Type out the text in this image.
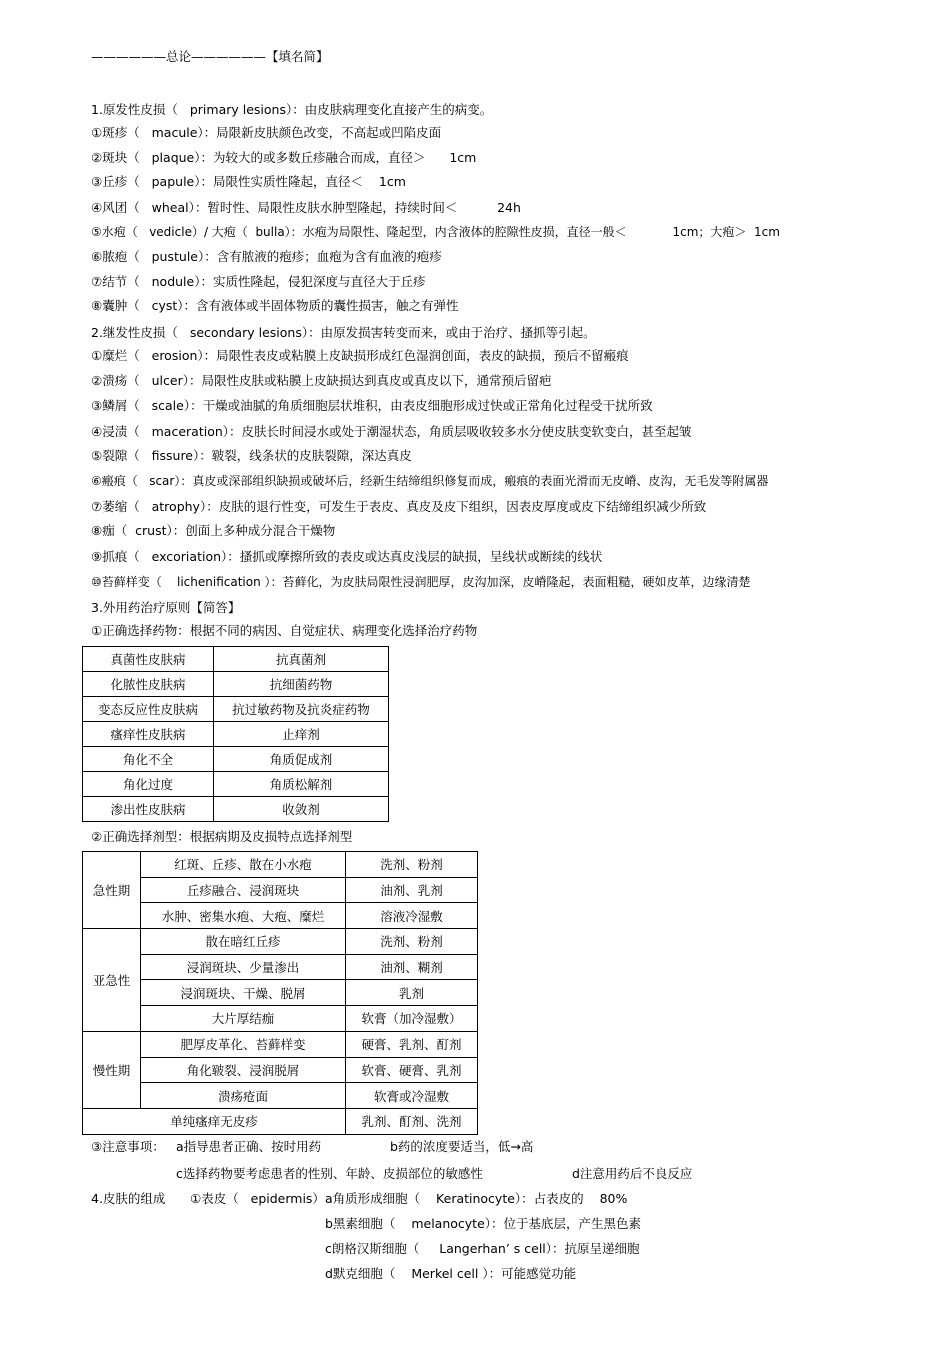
——————总论——————【填名简】
1.原发性皮损（   primary lesions）：由皮肤病理变化直接产生的病变。
①斑疹（   macule）：局限新皮肤颜色改变，不高起或凹陷皮面
②斑块（   plaque）：为较大的或多数丘疹融合而成，直径＞      1cm
③丘疹（   papule）：局限性实质性隆起，直径＜    1cm
④风团（   wheal）：暂时性、局限性皮肤水肿型隆起，持续时间＜          24h
⑤水疱（   vedicle）/ 大疱（  bulla）：水疱为局限性、隆起型，内含液体的腔隙性皮损，直径一般＜            1cm；大疱＞  1cm
⑥脓疱（   pustule）：含有脓液的疱疹；血疱为含有血液的疱疹
⑦结节（   nodule）：实质性隆起，侵犯深度与直径大于丘疹
⑧囊肿（   cyst）：含有液体或半固体物质的囊性损害，触之有弹性
2.继发性皮损（   secondary lesions）：由原发损害转变而来，或由于治疗、搔抓等引起。
①糜烂（   erosion）：局限性表皮或粘膜上皮缺损形成红色湿润创面，表皮的缺损，预后不留瘢痕
②溃疡（   ulcer）：局限性皮肤或粘膜上皮缺损达到真皮或真皮以下，通常预后留疤
③鳞屑（   scale）：干燥或油腻的角质细胞层状堆积，由表皮细胞形成过快或正常角化过程受干扰所致
④浸渍（   maceration）：皮肤长时间浸水或处于潮湿状态，角质层吸收较多水分使皮肤变软变白，甚至起皱
⑤裂隙（   fissure）：皲裂，线条状的皮肤裂隙，深达真皮
⑥瘢痕（   scar）：真皮或深部组织缺损或破坏后，经新生结缔组织修复而成，瘢痕的表面光滑而无皮嵴、皮沟，无毛发等附属器
⑦萎缩（   atrophy）：皮肤的退行性变，可发生于表皮、真皮及皮下组织，因表皮厚度或皮下结缔组织减少所致
⑧痂（  crust）：创面上多种成分混合干燥物
⑨抓痕（   excoriation）：搔抓或摩擦所致的表皮或达真皮浅层的缺损，呈线状或断续的线状
⑩苔藓样变（    lichenification ）：苔藓化，为皮肤局限性浸润肥厚，皮沟加深，皮嵴隆起，表面粗糙，硬如皮革，边缘清楚
3.外用药治疗原则【简答】
①正确选择药物：根据不同的病因、自觉症状、病理变化选择治疗药物
真菌性皮肤病	抗真菌剂
化脓性皮肤病	抗细菌药物
变态反应性皮肤病	抗过敏药物及抗炎症药物
瘙痒性皮肤病	止痒剂
角化不全	角质促成剂
角化过度	角质松解剂
渗出性皮肤病	收敛剂
②正确选择剂型：根据病期及皮损特点选择剂型
急性期	红斑、丘疹、散在小水疱	洗剂、粉剂
	丘疹融合、浸润斑块	油剂、乳剂
	水肿、密集水疱、大疱、糜烂	溶液冷湿敷
亚急性	散在暗红丘疹	洗剂、粉剂
	浸润斑块、少量渗出	油剂、糊剂
	浸润斑块、干燥、脱屑	乳剂
	大片厚结痂	软膏（加冷湿敷）
慢性期	肥厚皮革化、苔藓样变	硬膏、乳剂、酊剂
	角化皲裂、浸润脱屑	软膏、硬膏、乳剂
	溃疡疮面	软膏或冷湿敷
单纯瘙痒无皮疹		乳剂、酊剂、洗剂
③注意事项： a指导患者正确、按时用药	b药的浓度要适当，低→高
c选择药物要考虑患者的性别、年龄、皮损部位的敏感性	d注意用药后不良反应
4.皮肤的组成 ①表皮（   epidermis） a角质形成细胞（    Keratinocyte）：占表皮的    80%
b黑素细胞（    melanocyte）：位于基底层，产生黑色素
c朗格汉斯细胞（     Langerhan’ s cell）：抗原呈递细胞
d默克细胞（    Merkel cell ）：可能感觉功能
